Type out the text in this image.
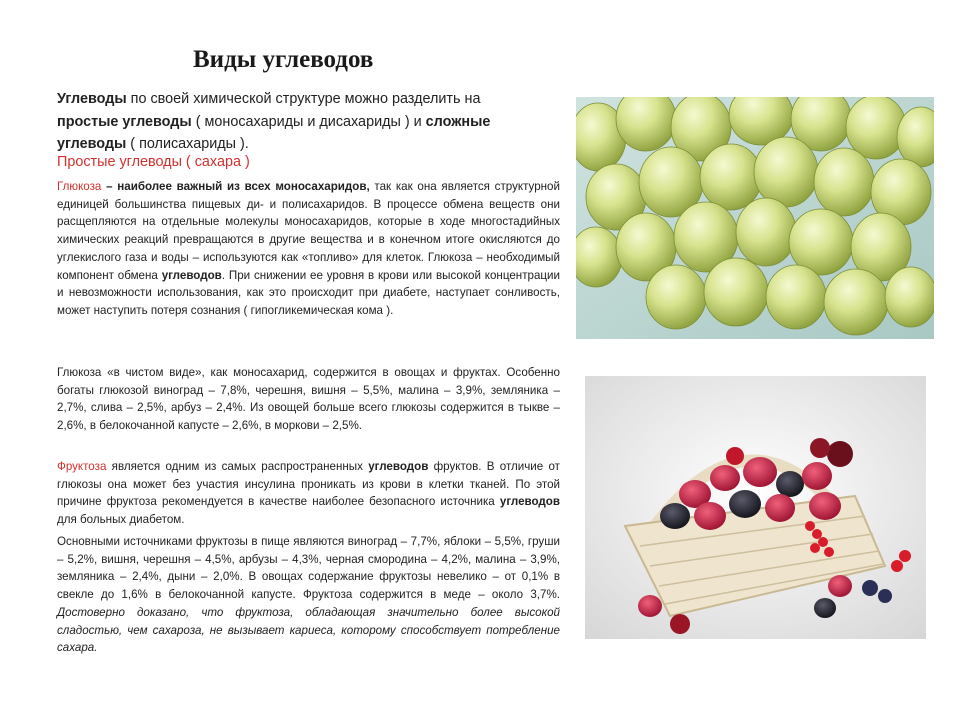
Виды углеводов

Углеводы по своей химической структуре можно разделить на простые углеводы ( моносахариды и дисахариды ) и сложные углеводы ( полисахариды ).

Простые углеводы ( сахара )

Глюкоза – наиболее важный из всех моносахаридов, так как она является структурной единицей большинства пищевых ди- и полисахаридов. В процессе обмена веществ они расщепляются на отдельные молекулы моносахаридов, которые в ходе многостадийных химических реакций превращаются в другие вещества и в конечном итоге окисляются до углекислого газа и воды – используются как «топливо» для клеток. Глюкоза – необходимый компонент обмена углеводов. При снижении ее уровня в крови или высокой концентрации и невозможности использования, как это происходит при диабете, наступает сонливость, может наступить потеря сознания ( гипогликемическая кома ).

Глюкоза «в чистом виде», как моносахарид, содержится в овощах и фруктах. Особенно богаты глюкозой виноград – 7,8%, черешня, вишня – 5,5%, малина – 3,9%, земляника – 2,7%, слива – 2,5%, арбуз – 2,4%. Из овощей больше всего глюкозы содержится в тыкве – 2,6%, в белокочанной капусте – 2,6%, в моркови – 2,5%.

Фруктоза является одним из самых распространенных углеводов фруктов. В отличие от глюкозы она может без участия инсулина проникать из крови в клетки тканей. По этой причине фруктоза рекомендуется в качестве наиболее безопасного источника углеводов для больных диабетом.

Основными источниками фруктозы в пище являются виноград – 7,7%, яблоки – 5,5%, груши – 5,2%, вишня, черешня – 4,5%, арбузы – 4,3%, черная смородина – 4,2%, малина – 3,9%, земляника – 2,4%, дыни – 2,0%. В овощах содержание фруктозы невелико – от 0,1% в свекле до 1,6% в белокочанной капусте. Фруктоза содержится в меде – около 3,7%. Достоверно доказано, что фруктоза, обладающая значительно более высокой сладостью, чем сахароза, не вызывает кариеса, которому способствует потребление сахара.
